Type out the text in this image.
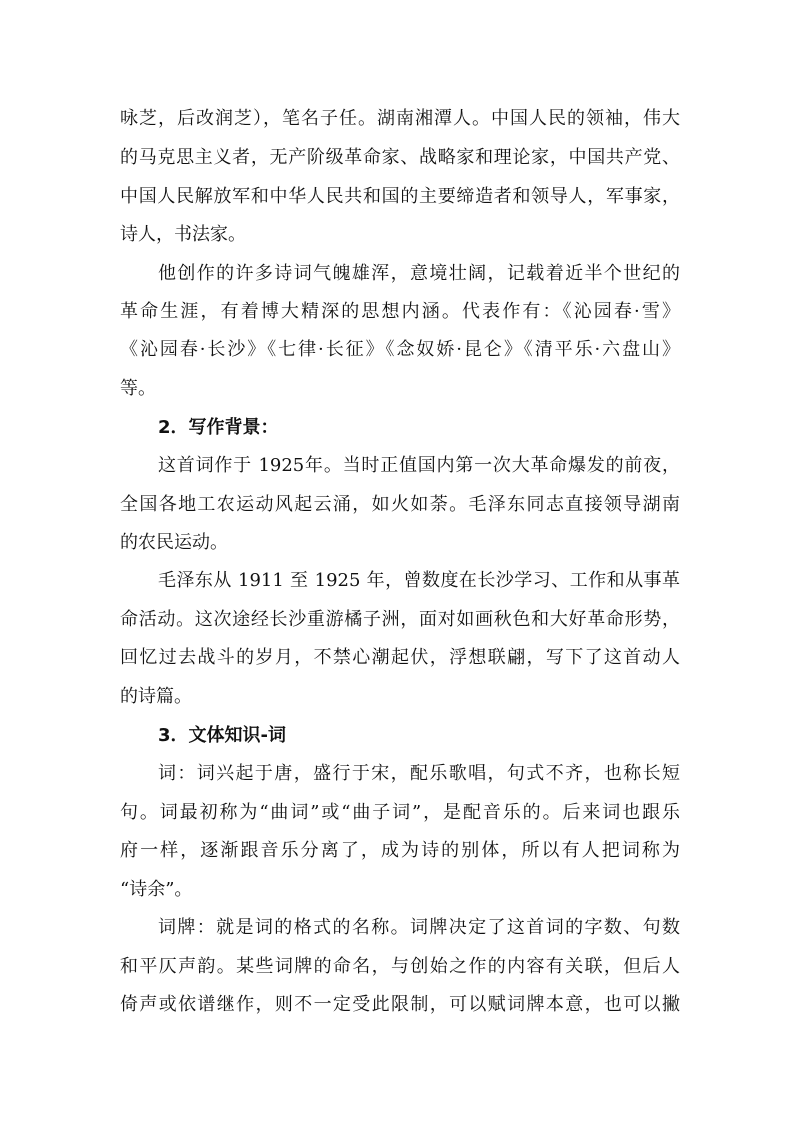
咏芝，后改润芝），笔名子任。湖南湘潭人。中国人民的领袖，伟大
的马克思主义者，无产阶级革命家、战略家和理论家，中国共产党、
中国人民解放军和中华人民共和国的主要缔造者和领导人，军事家，
诗人，书法家。
他创作的许多诗词气魄雄浑，意境壮阔，记载着近半个世纪的
革命生涯，有着博大精深的思想内涵。代表作有：《沁园春·雪》
《沁园春·长沙》《七律·长征》《念奴娇·昆仑》《清平乐·六盘山》
等。
2．写作背景：
这首词作于 1925年。当时正值国内第一次大革命爆发的前夜，
全国各地工农运动风起云涌，如火如荼。毛泽东同志直接领导湖南
的农民运动。
毛泽东从 1911 至 1925 年，曾数度在长沙学习、工作和从事革
命活动。这次途经长沙重游橘子洲，面对如画秋色和大好革命形势，
回忆过去战斗的岁月，不禁心潮起伏，浮想联翩，写下了这首动人
的诗篇。
3．文体知识-词
词：词兴起于唐，盛行于宋，配乐歌唱，句式不齐，也称长短
句。词最初称为“曲词”或“曲子词”，是配音乐的。后来词也跟乐
府一样，逐渐跟音乐分离了，成为诗的别体，所以有人把词称为
“诗余”。
词牌：就是词的格式的名称。词牌决定了这首词的字数、句数
和平仄声韵。某些词牌的命名，与创始之作的内容有关联，但后人
倚声或依谱继作，则不一定受此限制，可以赋词牌本意，也可以撇
